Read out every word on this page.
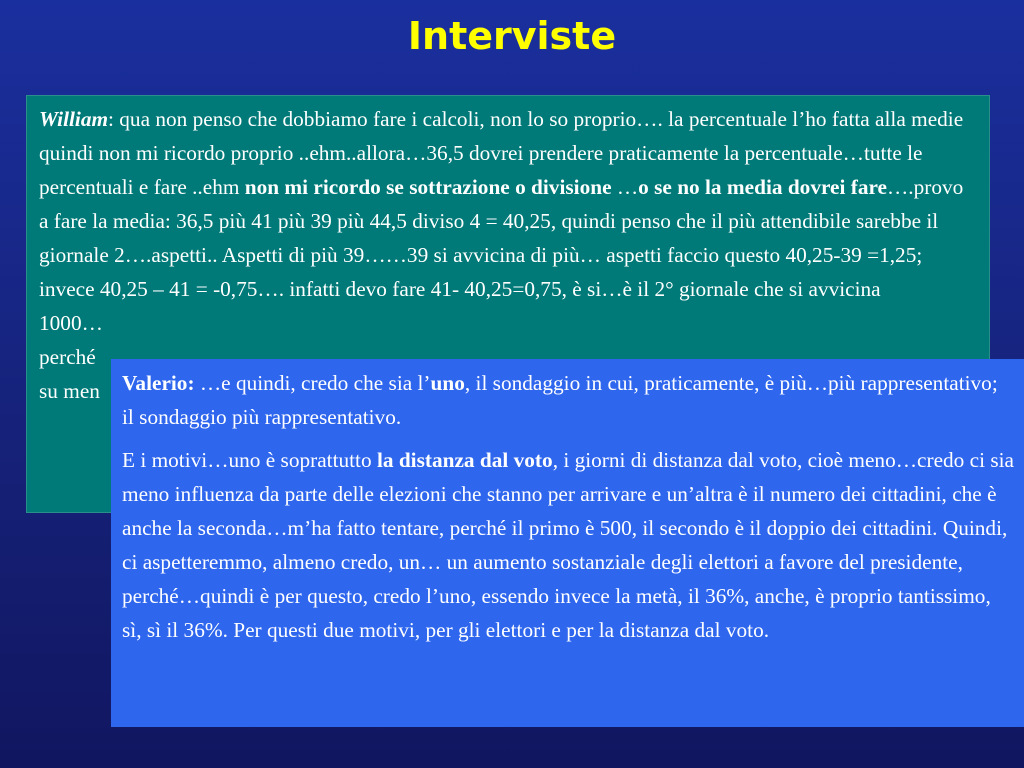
Interviste
William: qua non penso che dobbiamo fare i calcoli, non lo so proprio…. la percentuale l’ho fatta alla medie quindi non mi ricordo proprio ..ehm..allora…36,5 dovrei prendere praticamente la percentuale…tutte le percentuali e fare ..ehm non mi ricordo se sottrazione o divisione …o se no la media dovrei fare….provo a fare la media: 36,5 più 41 più 39 più 44,5 diviso 4 = 40,25, quindi penso che il più attendibile sarebbe il giornale 2….aspetti.. Aspetti di più 39……39 si avvicina di più… aspetti faccio questo 40,25-39 =1,25; invece 40,25 – 41 = -0,75…. infatti devo fare 41- 40,25=0,75, è si…è il 2° giornale che si avvicina
1000…
perché
su men	Valerio: …e quindi, credo che sia l’uno, il sondaggio in cui, praticamente, è più…più rappresentativo; il sondaggio più rappresentativo.

E i motivi…uno è soprattutto la distanza dal voto, i giorni di distanza dal voto, cioè meno…credo ci sia meno influenza da parte delle elezioni che stanno per arrivare e un’altra è il numero dei cittadini, che è anche la seconda…m’ha fatto tentare, perché il primo è 500, il secondo è il doppio dei cittadini. Quindi, ci aspetteremmo, almeno credo, un… un aumento sostanziale degli elettori a favore del presidente, perché…quindi è per questo, credo l’uno, essendo invece la metà, il 36%, anche, è proprio tantissimo, sì, sì il 36%. Per questi due motivi, per gli elettori e per la distanza dal voto.
